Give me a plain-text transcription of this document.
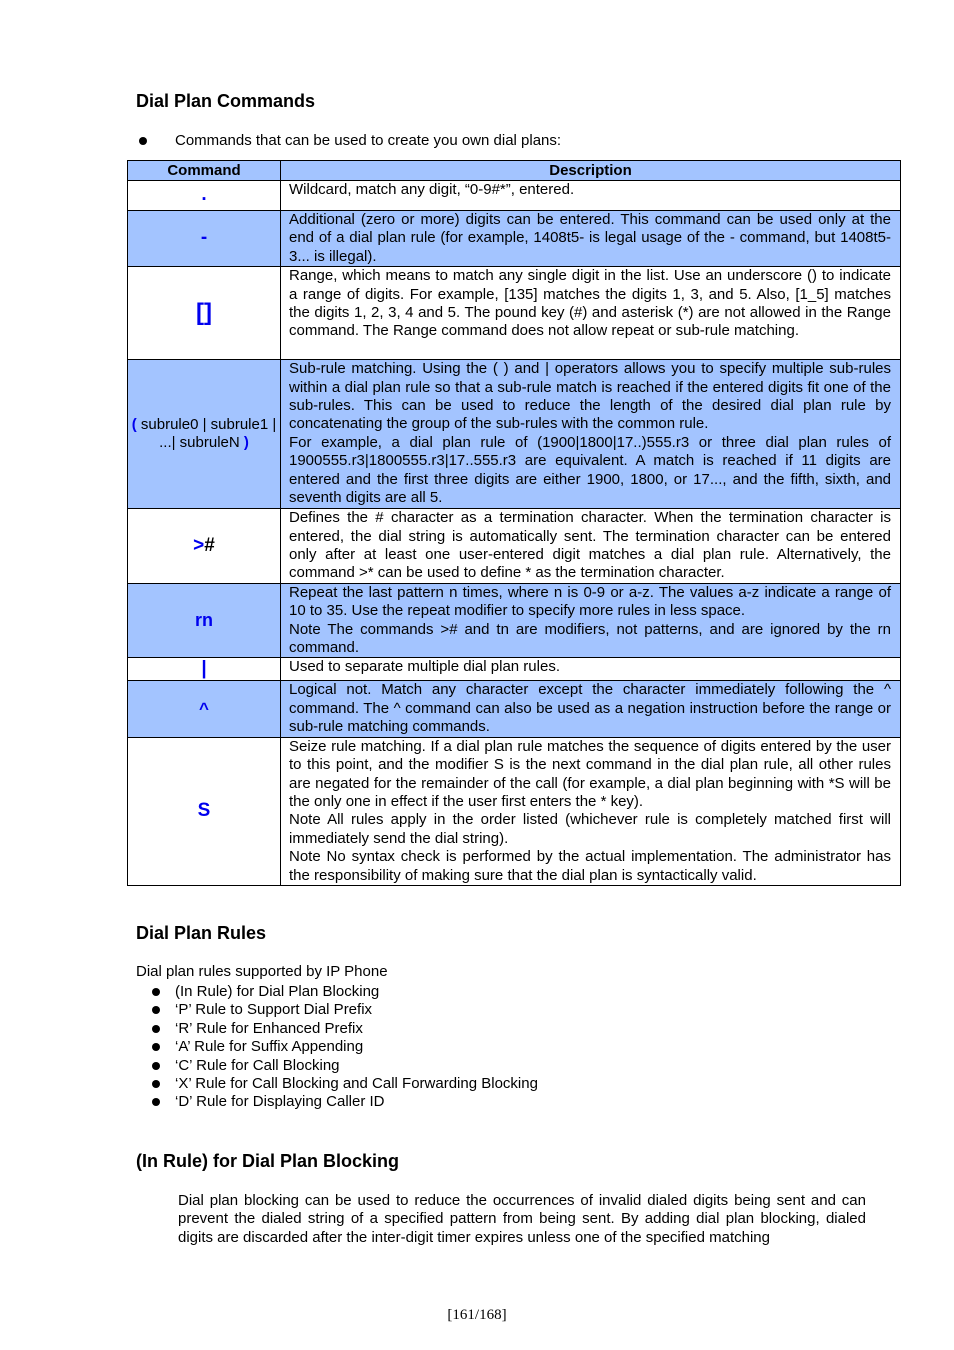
Dial Plan Commands
Commands that can be used to create you own dial plans:
Command	Description
.	Wildcard, match any digit, “0-9#*”, entered.
-	Additional (zero or more) digits can be entered. This command can be used only at the end of a dial plan rule (for example, 1408t5- is legal usage of the - command, but 1408t5-3... is illegal).
[]	Range, which means to match any single digit in the list. Use an underscore () to indicate a range of digits. For example, [135] matches the digits 1, 3, and 5. Also, [1_5] matches the digits 1, 2, 3, 4 and 5. The pound key (#) and asterisk (*) are not allowed in the Range command. The Range command does not allow repeat or sub-rule matching.
( subrule0 | subrule1 | ...| subruleN )	Sub-rule matching. Using the ( ) and | operators allows you to specify multiple sub-rules within a dial plan rule so that a sub-rule match is reached if the entered digits fit one of the sub-rules. This can be used to reduce the length of the desired dial plan rule by concatenating the group of the sub-rules with the common rule.
For example, a dial plan rule of (1900|1800|17..)555.r3 or three dial plan rules of 1900555.r3|1800555.r3|17..555.r3 are equivalent. A match is reached if 11 digits are entered and the first three digits are either 1900, 1800, or 17..., and the fifth, sixth, and seventh digits are all 5.

>#	Defines the # character as a termination character. When the termination character is entered, the dial string is automatically sent. The termination character can be entered only after at least one user-entered digit matches a dial plan rule. Alternatively, the command >* can be used to define * as the termination character.
rn	Repeat the last pattern n times, where n is 0-9 or a-z. The values a-z indicate a range of 10 to 35. Use the repeat modifier to specify more rules in less space.
Note The commands ># and tn are modifiers, not patterns, and are ignored by the rn command.

|	Used to separate multiple dial plan rules.
^	Logical not. Match any character except the character immediately following the ^ command. The ^ command can also be used as a negation instruction before the range or sub-rule matching commands.
S	Seize rule matching. If a dial plan rule matches the sequence of digits entered by the user to this point, and the modifier S is the next command in the dial plan rule, all other rules are negated for the remainder of the call (for example, a dial plan beginning with *S will be the only one in effect if the user first enters the * key).
Note All rules apply in the order listed (whichever rule is completely matched first will immediately send the dial string).
Note No syntax check is performed by the actual implementation. The administrator has the responsibility of making sure that the dial plan is syntactically valid.
Dial Plan Rules
Dial plan rules supported by IP Phone
(In Rule) for Dial Plan Blocking
‘P’ Rule to Support Dial Prefix
‘R’ Rule for Enhanced Prefix
‘A’ Rule for Suffix Appending
‘C’ Rule for Call Blocking
‘X’ Rule for Call Blocking and Call Forwarding Blocking
‘D’ Rule for Displaying Caller ID
(In Rule) for Dial Plan Blocking

Dial plan blocking can be used to reduce the occurrences of invalid dialed digits being sent and can prevent the dialed string of a specified pattern from being sent. By adding dial plan blocking, dialed digits are discarded after the inter-digit timer expires unless one of the specified matching

[161/168]
